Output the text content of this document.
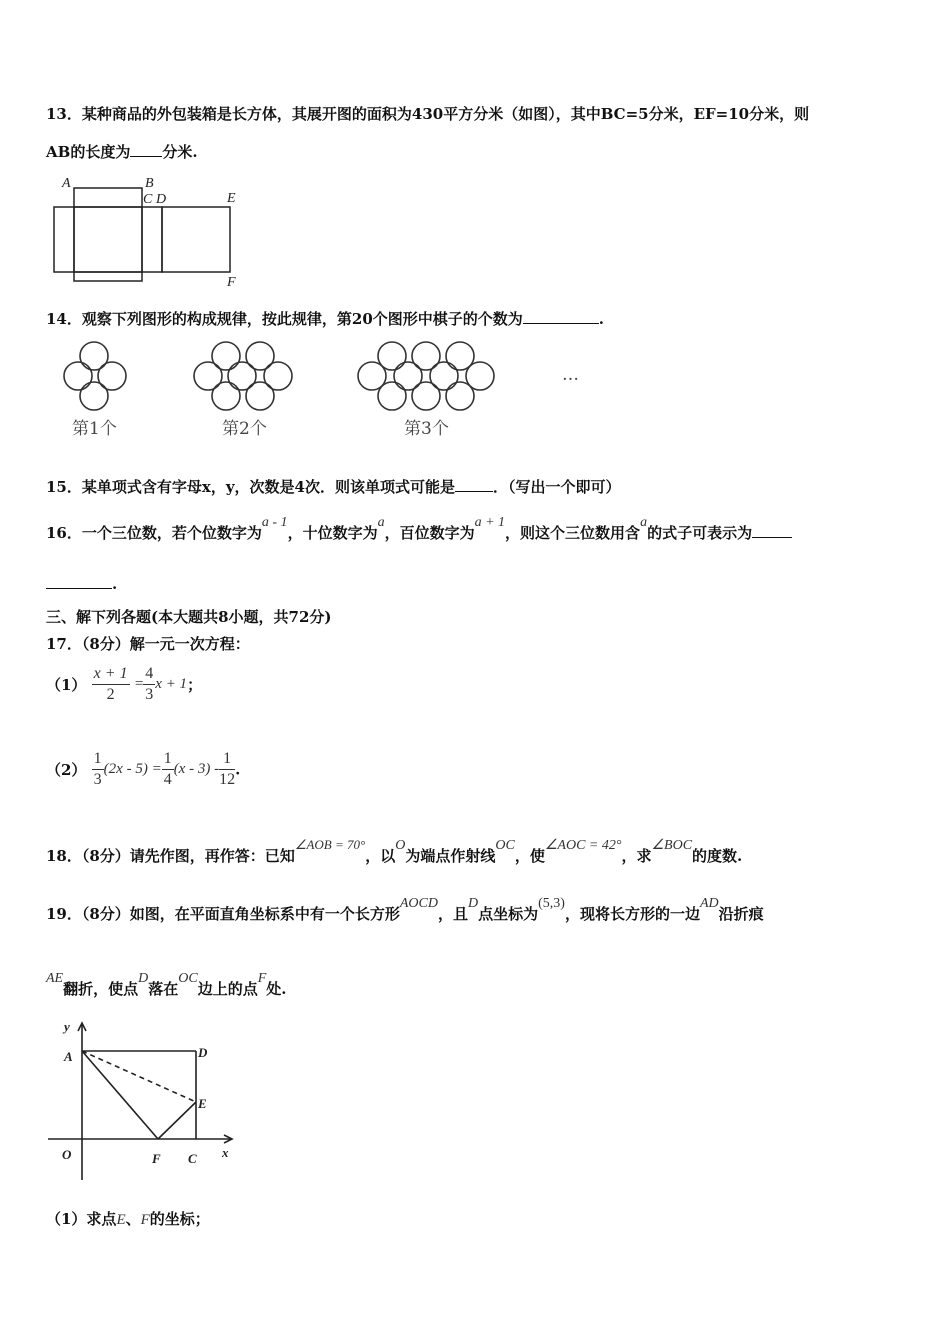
13．某种商品的外包装箱是长方体，其展开图的面积为430平方分米（如图），其中BC=5分米，EF=10分米，则
AB的长度为 分米.
A	B
C D	E
F
14．观察下列图形的构成规律，按此规律，第20个图形中棋子的个数为	.
第1个	第2个	第3个
…
15．某单项式含有字母x，y，次数是4次．则该单项式可能是	．（写出一个即可）
16．一个三位数，若个位数字为a - 1，十位数字为a，百位数字为a + 1，则这个三位数用含a的式子可表示为
.
三、解下列各题(本大题共8小题，共72分)
17．（8分）解一元一次方程：
$(1) \frac{x + 1}{2} = \frac{4}{3}$ x + 1；
$(2) \frac{1}{3} (2x - 5) = \frac{1}{4} (x - 3) - \frac{1}{12}$ .
18．（8分）请先作图，再作答：已知∠AOB = 70°，以O为端点作射线OC，使∠AOC = 42°，求∠BOC的度数.
19．（8分）如图，在平面直角坐标系中有一个长方形AOCD，且D点坐标为(5,3)，现将长方形的一边AD沿折痕
AE翻折，使点D落在OC边上的点F处.
y
A	D
E
O	F C x
（1）求点E、F的坐标；
